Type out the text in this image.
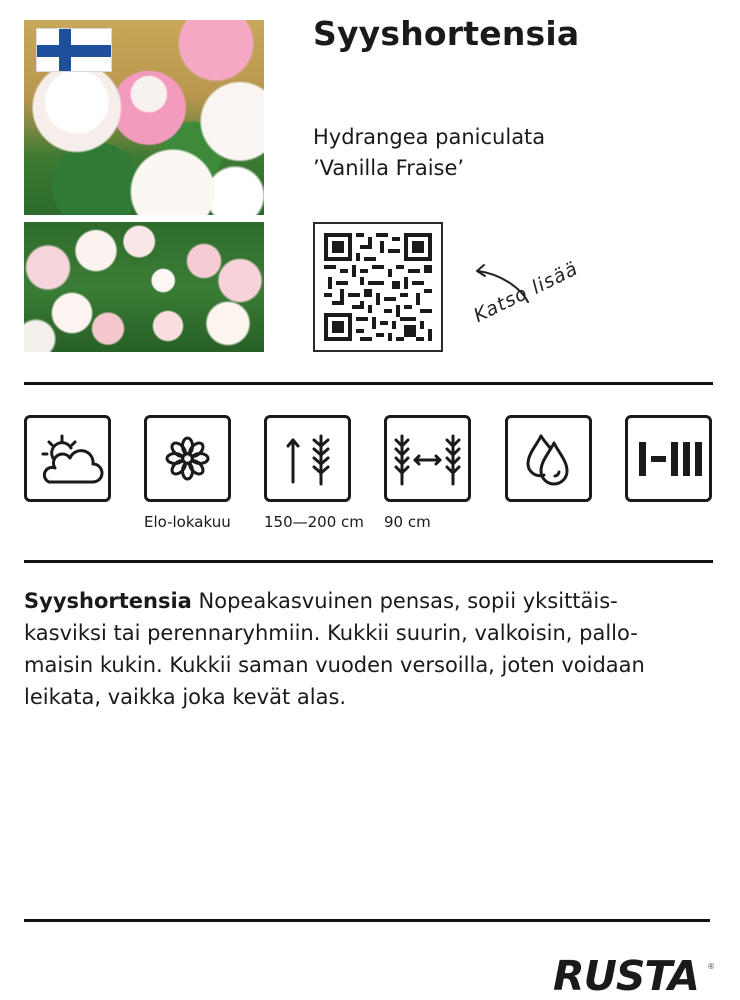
Syyshortensia
Hydrangea paniculata
’Vanilla Fraise’
Katso lisää
Elo-lokakuu 150—200 cm 90 cm
Syyshortensia Nopeakasvuinen pensas, sopii yksittäis-
kasviksi tai perennaryhmiin. Kukkii suurin, valkoisin, pallo-
maisin kukin. Kukkii saman vuoden versoilla, joten voidaan
leikata, vaikka joka kevät alas.
RUSTA ®
